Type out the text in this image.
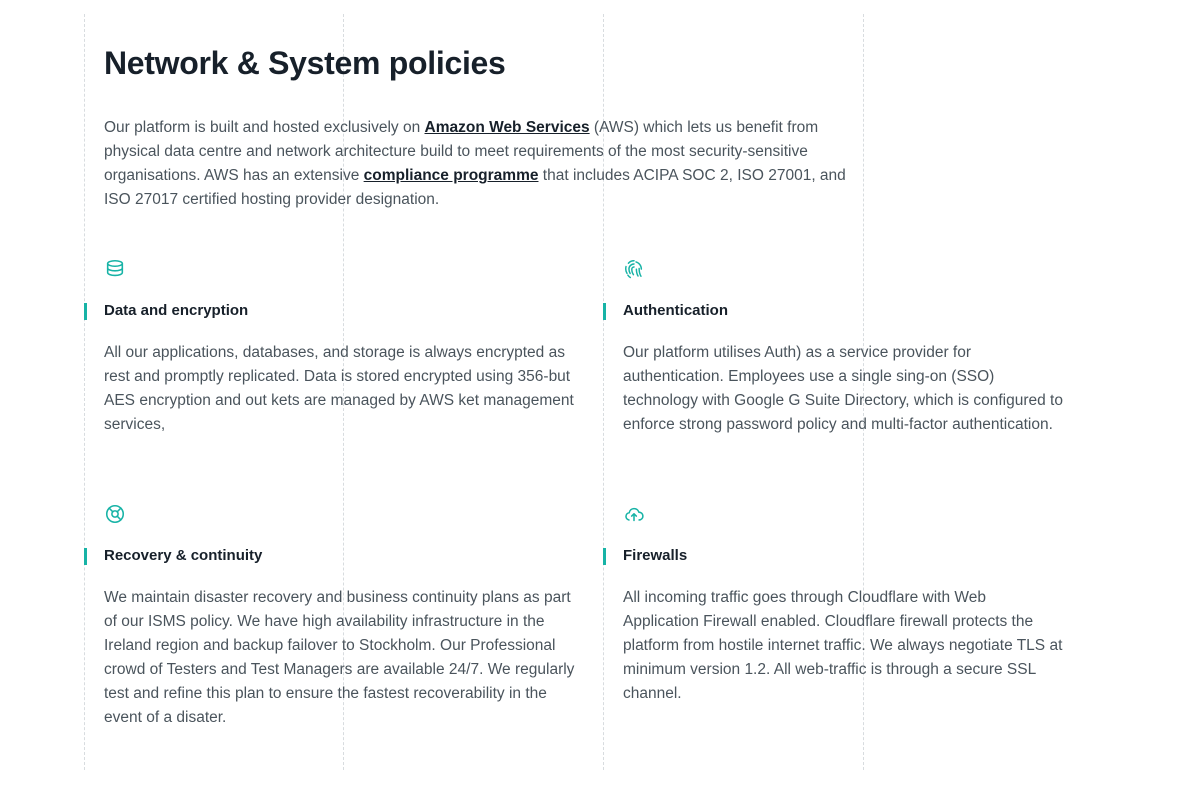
Network & System policies

Our platform is built and hosted exclusively on Amazon Web Services (AWS) which lets us benefit from physical data centre and network architecture build to meet requirements of the most security-sensitive organisations. AWS has an extensive compliance programme that includes ACIPA SOC 2, ISO 27001, and ISO 27017 certified hosting provider designation.

Data and encryption

All our applications, databases, and storage is always encrypted as rest and promptly replicated. Data is stored encrypted using 356-but AES encryption and out kets are managed by AWS ket management services,

Authentication

Our platform utilises Auth) as a service provider for authentication. Employees use a single sing-on (SSO) technology with Google G Suite Directory, which is configured to enforce strong password policy and multi-factor authentication.

Recovery & continuity

We maintain disaster recovery and business continuity plans as part of our ISMS policy. We have high availability infrastructure in the Ireland region and backup failover to Stockholm. Our Professional crowd of Testers and Test Managers are available 24/7. We regularly test and refine this plan to ensure the fastest recoverability in the event of a disater.

Firewalls

All incoming traffic goes through Cloudflare with Web Application Firewall enabled. Cloudflare firewall protects the platform from hostile internet traffic. We always negotiate TLS at minimum version 1.2. All web-traffic is through a secure SSL channel.
